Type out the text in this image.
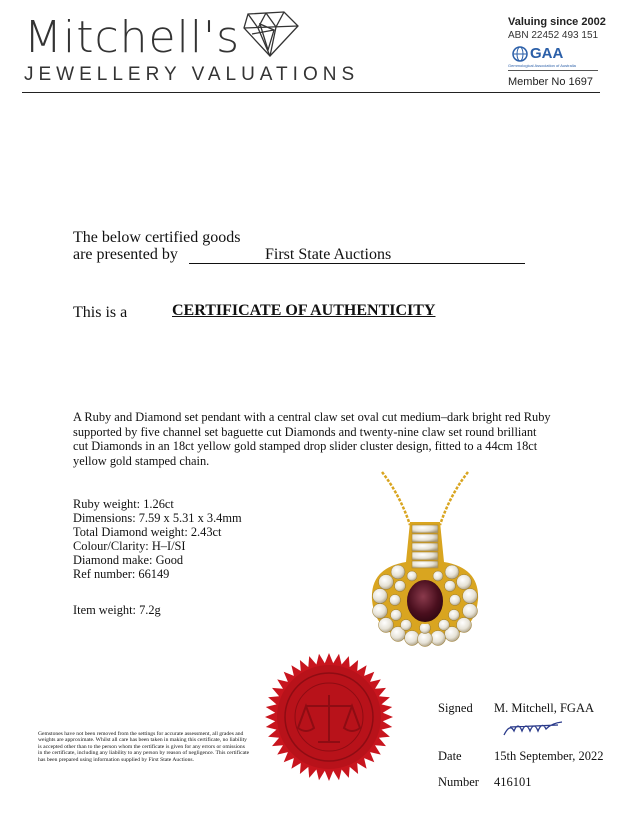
Mitchell's
JEWELLERY VALUATIONS
Valuing since 2002
ABN 22452 493 151
GAA
Gemmological Association of Australia
Member No 1697
The below certified goods
are presented by	First State Auctions
This is a	CERTIFICATE OF AUTHENTICITY
A Ruby and Diamond set pendant with a central claw set oval cut medium–dark bright red Ruby supported by five channel set baguette cut Diamonds and twenty-nine claw set round brilliant cut Diamonds in an 18ct yellow gold stamped drop slider cluster design, fitted to a 44cm 18ct yellow gold stamped chain.
Ruby weight: 1.26ct
Dimensions: 7.59 x 5.31 x 3.4mm
Total Diamond weight: 2.43ct
Colour/Clarity: H–I/SI
Diamond make: Good
Ref number: 66149
Item weight: 7.2g
Gemstones have not been removed from the settings for accurate assessment, all grades and weights are approximate. Whilst all care has been taken in making this certificate, no liability is accepted other than to the person whom the certificate is given for any errors or omissions in the certificate, including any liability to any person by reason of negligence. This certificate has been prepared using information supplied by First State Auctions.
Signed M. Mitchell, FGAA
Date	15th September, 2022
Number 416101
